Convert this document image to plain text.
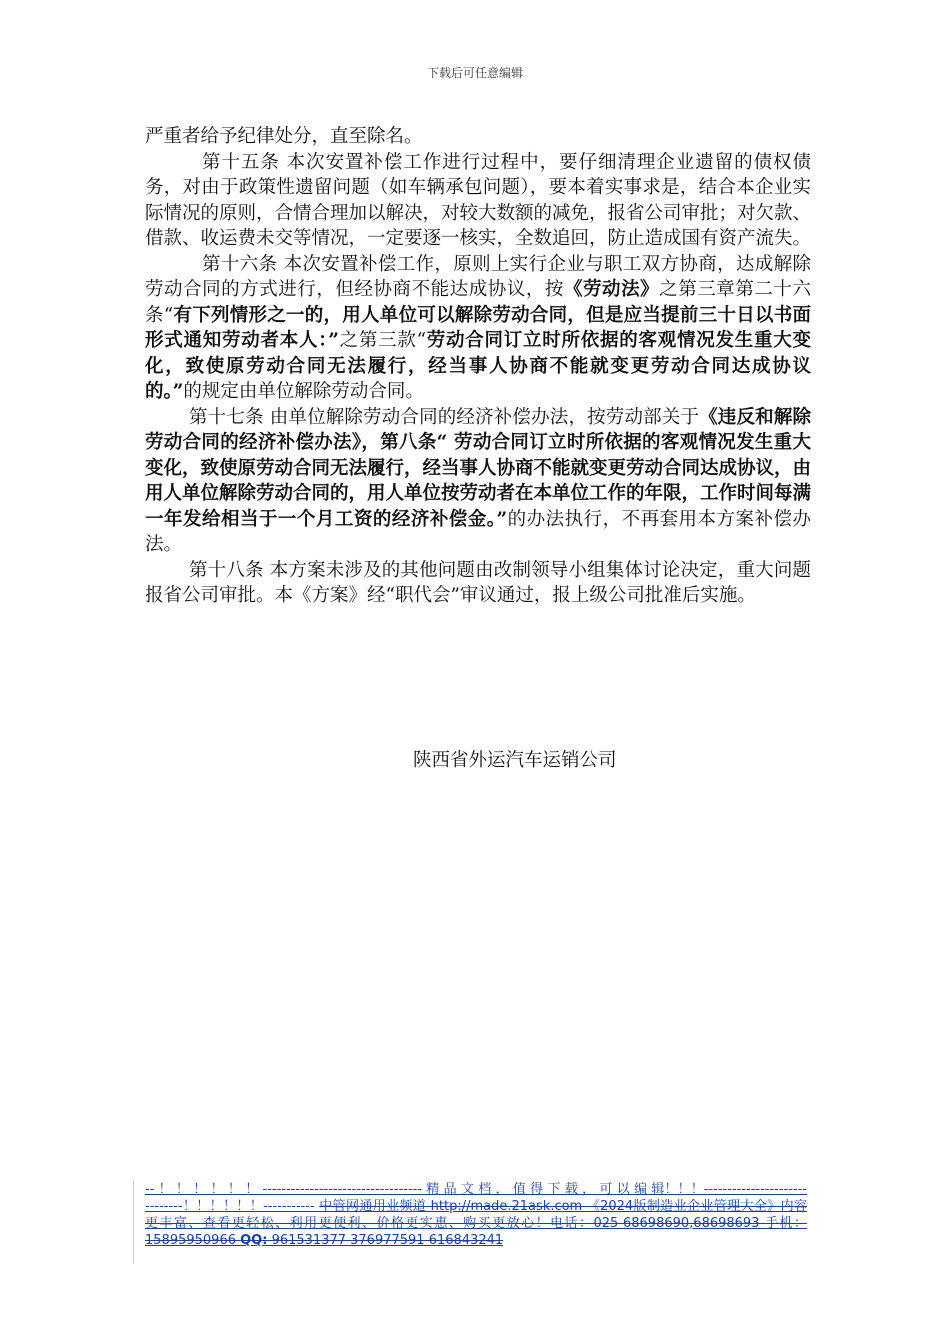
下载后可任意编辑

严重者给予纪律处分，直至除名。

第十五条 本次安置补偿工作进行过程中，要仔细清理企业遗留的债权债务，对由于政策性遗留问题（如车辆承包问题），要本着实事求是，结合本企业实际情况的原则，合情合理加以解决，对较大数额的减免，报省公司审批；对欠款、借款、收运费未交等情况，一定要逐一核实，全数追回，防止造成国有资产流失。

第十六条 本次安置补偿工作，原则上实行企业与职工双方协商，达成解除劳动合同的方式进行，但经协商不能达成协议，按《劳动法》之第三章第二十六条“有下列情形之一的，用人单位可以解除劳动合同，但是应当提前三十日以书面形式通知劳动者本人：”之第三款“劳动合同订立时所依据的客观情况发生重大变化，致使原劳动合同无法履行，经当事人协商不能就变更劳动合同达成协议的。”的规定由单位解除劳动合同。

第十七条 由单位解除劳动合同的经济补偿办法，按劳动部关于《违反和解除劳动合同的经济补偿办法》，第八条“ 劳动合同订立时所依据的客观情况发生重大变化，致使原劳动合同无法履行，经当事人协商不能就变更劳动合同达成协议，由用人单位解除劳动合同的，用人单位按劳动者在本单位工作的年限，工作时间每满一年发给相当于一个月工资的经济补偿金。”的办法执行，不再套用本方案补偿办法。

第十八条 本方案未涉及的其他问题由改制领导小组集体讨论决定，重大问题报省公司审批。本《方案》经“职代会”审议通过，报上级公司批准后实施。

陕西省外运汽车运销公司
-- ！ ！ ！ ！ ！ ！ ---------------------------------- 精 品 文 档 ， 值 得 下 载 ， 可 以 编 辑！！！------------------------------！！！！！！----------- 中管网通用业频道 http://made.21ask.com 《2024版制造业企业管理大全》内容更丰富、查看更轻松、利用更便利、价格更实惠、购买更放心！电话：025-68698690,68698693 手机：15895950966 QQ: 961531377 376977591 616843241
